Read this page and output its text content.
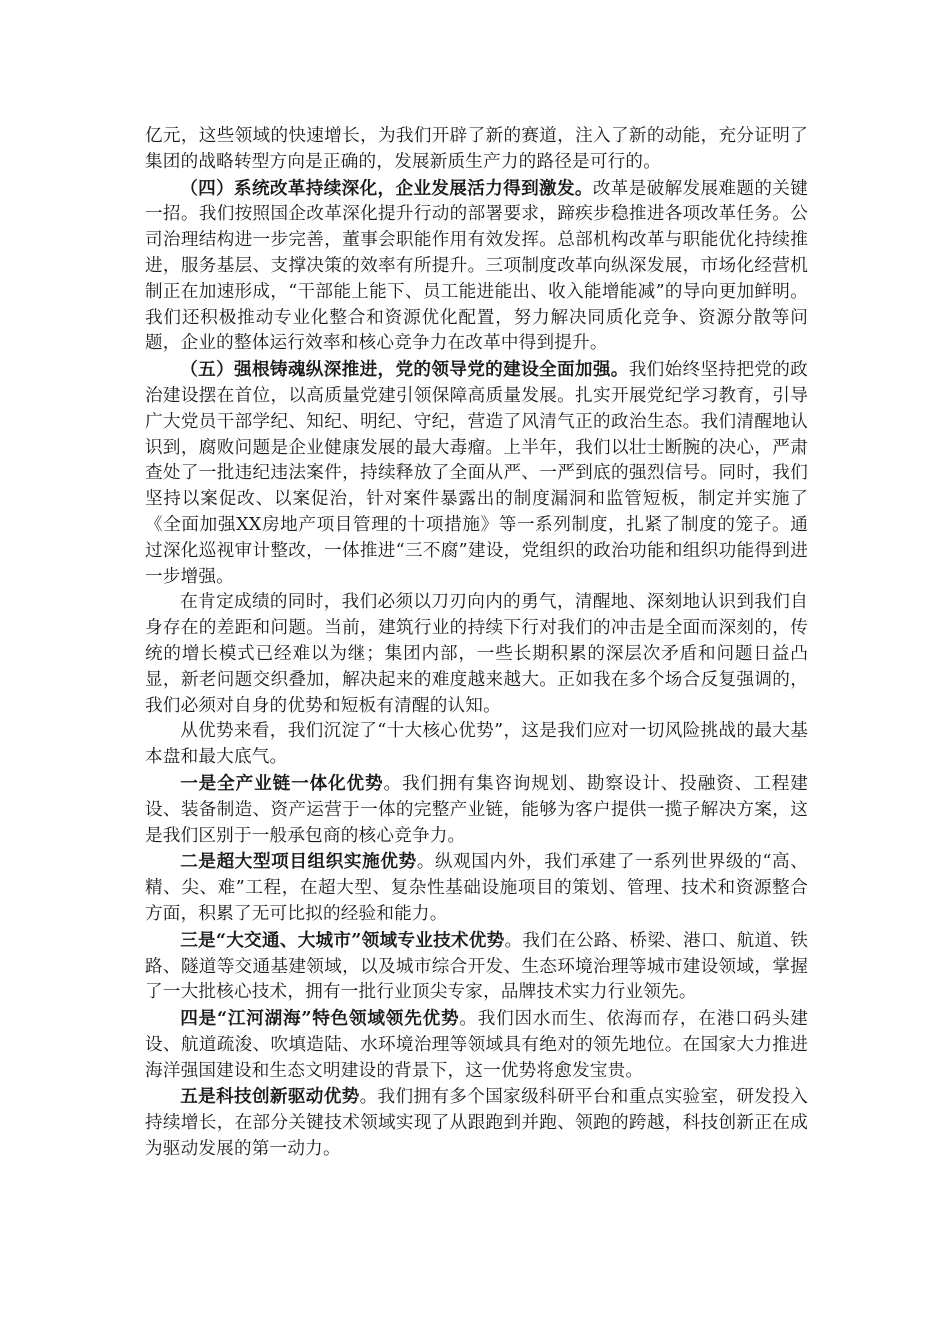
亿元，这些领域的快速增长，为我们开辟了新的赛道，注入了新的动能，充分证明了集团的战略转型方向是正确的，发展新质生产力的路径是可行的。

（四）系统改革持续深化，企业发展活力得到激发。改革是破解发展难题的关键一招。我们按照国企改革深化提升行动的部署要求，蹄疾步稳推进各项改革任务。公司治理结构进一步完善，董事会职能作用有效发挥。总部机构改革与职能优化持续推进，服务基层、支撑决策的效率有所提升。三项制度改革向纵深发展，市场化经营机制正在加速形成，“干部能上能下、员工能进能出、收入能增能减”的导向更加鲜明。我们还积极推动专业化整合和资源优化配置，努力解决同质化竞争、资源分散等问题，企业的整体运行效率和核心竞争力在改革中得到提升。

（五）强根铸魂纵深推进，党的领导党的建设全面加强。我们始终坚持把党的政治建设摆在首位，以高质量党建引领保障高质量发展。扎实开展党纪学习教育，引导广大党员干部学纪、知纪、明纪、守纪，营造了风清气正的政治生态。我们清醒地认识到，腐败问题是企业健康发展的最大毒瘤。上半年，我们以壮士断腕的决心，严肃查处了一批违纪违法案件，持续释放了全面从严、一严到底的强烈信号。同时，我们坚持以案促改、以案促治，针对案件暴露出的制度漏洞和监管短板，制定并实施了《全面加强XX房地产项目管理的十项措施》等一系列制度，扎紧了制度的笼子。通过深化巡视审计整改，一体推进“三不腐”建设，党组织的政治功能和组织功能得到进一步增强。

在肯定成绩的同时，我们必须以刀刃向内的勇气，清醒地、深刻地认识到我们自身存在的差距和问题。当前，建筑行业的持续下行对我们的冲击是全面而深刻的，传统的增长模式已经难以为继；集团内部，一些长期积累的深层次矛盾和问题日益凸显，新老问题交织叠加，解决起来的难度越来越大。正如我在多个场合反复强调的，我们必须对自身的优势和短板有清醒的认知。

从优势来看，我们沉淀了“十大核心优势”，这是我们应对一切风险挑战的最大基本盘和最大底气。

一是全产业链一体化优势。我们拥有集咨询规划、勘察设计、投融资、工程建设、装备制造、资产运营于一体的完整产业链，能够为客户提供一揽子解决方案，这是我们区别于一般承包商的核心竞争力。

二是超大型项目组织实施优势。纵观国内外，我们承建了一系列世界级的“高、精、尖、难”工程，在超大型、复杂性基础设施项目的策划、管理、技术和资源整合方面，积累了无可比拟的经验和能力。

三是“大交通、大城市”领域专业技术优势。我们在公路、桥梁、港口、航道、铁路、隧道等交通基建领域，以及城市综合开发、生态环境治理等城市建设领域，掌握了一大批核心技术，拥有一批行业顶尖专家，品牌技术实力行业领先。

四是“江河湖海”特色领域领先优势。我们因水而生、依海而存，在港口码头建设、航道疏浚、吹填造陆、水环境治理等领域具有绝对的领先地位。在国家大力推进海洋强国建设和生态文明建设的背景下，这一优势将愈发宝贵。

五是科技创新驱动优势。我们拥有多个国家级科研平台和重点实验室，研发投入持续增长，在部分关键技术领域实现了从跟跑到并跑、领跑的跨越，科技创新正在成为驱动发展的第一动力。
